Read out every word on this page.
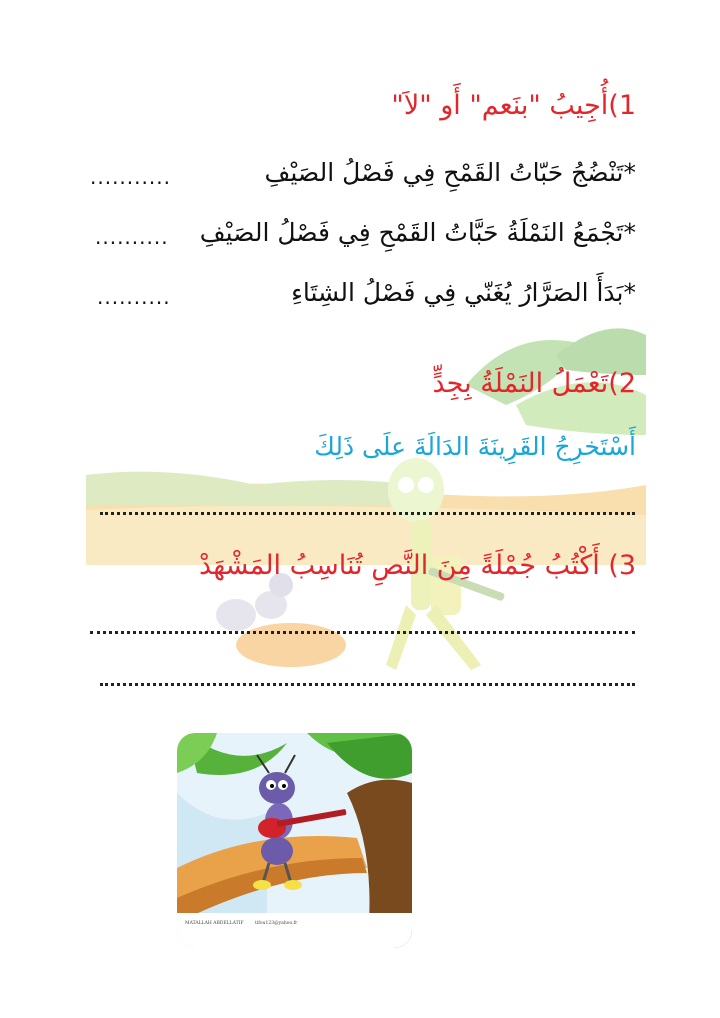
1)أُجِيبُ "بنَعم" أَو "لاَ"
*تَنْضُجُ حَبّاتُ القَمْحِ فِي فَصْلُ الصَيْفِ
...........
*تَجْمَعُ النَمْلَةُ حَبَّاتُ القَمْحِ فِي فَصْلُ الصَيْفِ
..........
*بَدَأَ الصَرَّارُ يُغَنّي فِي فَصْلُ الشِتَاءِ
..........
2)تَعْمَلُ النَمْلَةُ بِجِدٍّ
أَسْتَخرِجُ القَرِينَةَ الدَالَةَ علَى ذَلِكَ
3) أَكْتُبُ جُمْلَةً مِنَ النَّصِ تُنَاسِبُ المَشْهَدْ
MATALLAH ABDELLATIF	tifou123@yahoo.fr
